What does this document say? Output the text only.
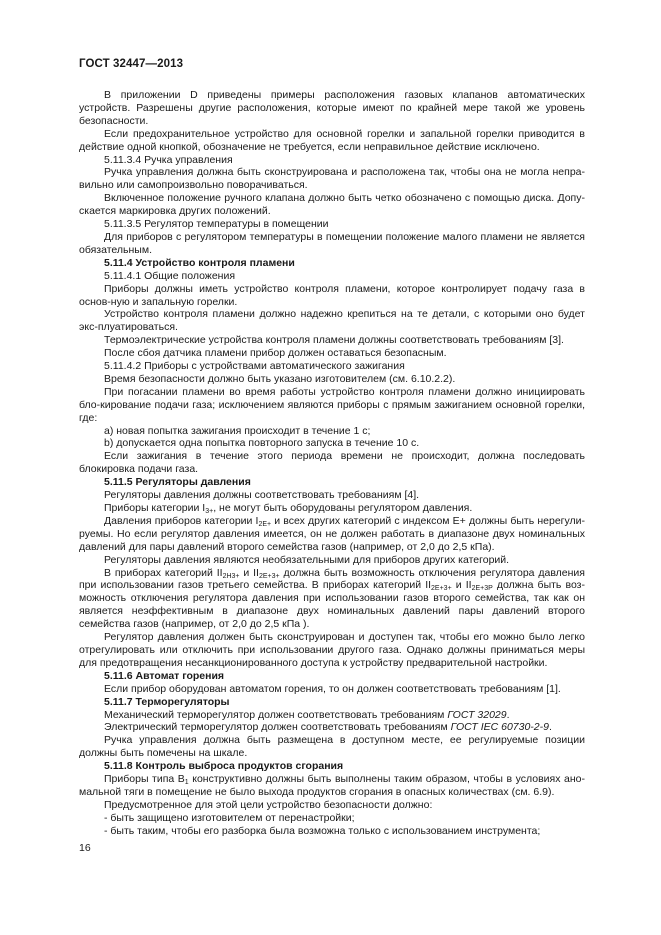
ГОСТ 32447—2013

В приложении D приведены примеры расположения газовых клапанов автоматических устройств. Разрешены другие расположения, которые имеют по крайней мере такой же уровень безопасности.

Если предохранительное устройство для основной горелки и запальной горелки приводится в действие одной кнопкой, обозначение не требуется, если неправильное действие исключено.

5.11.3.4 Ручка управления

Ручка управления должна быть сконструирована и расположена так, чтобы она не могла непра-вильно или самопроизвольно поворачиваться.

Включенное положение ручного клапана должно быть четко обозначено с помощью диска. Допу-скается маркировка других положений.

5.11.3.5 Регулятор температуры в помещении

Для приборов с регулятором температуры в помещении положение малого пламени не является обязательным.

5.11.4 Устройство контроля пламени

5.11.4.1 Общие положения

Приборы должны иметь устройство контроля пламени, которое контролирует подачу газа в основ-ную и запальную горелки.

Устройство контроля пламени должно надежно крепиться на те детали, с которыми оно будет экс-плуатироваться.

Термоэлектрические устройства контроля пламени должны соответствовать требованиям [3].

После сбоя датчика пламени прибор должен оставаться безопасным.

5.11.4.2 Приборы с устройствами автоматического зажигания

Время безопасности должно быть указано изготовителем (см. 6.10.2.2).

При погасании пламени во время работы устройство контроля пламени должно инициировать бло-кирование подачи газа; исключением являются приборы с прямым зажиганием основной горелки, где:

a) новая попытка зажигания происходит в течение 1 с;

b) допускается одна попытка повторного запуска в течение 10 с.

Если зажигания в течение этого периода времени не происходит, должна последовать блокировка подачи газа.

5.11.5 Регуляторы давления

Регуляторы давления должны соответствовать требованиям [4].

Приборы категории $I_{3+}$, не могут быть оборудованы регулятором давления.

Давления приборов категории $I_{2E+}$ и всех других категорий с индексом E+ должны быть нерегули-руемы. Но если регулятор давления имеется, он не должен работать в диапазоне двух номинальных давлений для пары давлений второго семейства газов (например, от 2,0 до 2,5 кПа).

Регуляторы давления являются необязательными для приборов других категорий.

В приборах категорий $II_{2H3+}$ и $II_{2E+3+}$ должна быть возможность отключения регулятора давления при использовании газов третьего семейства. В приборах категорий $II_{2E+3+}$ и $II_{2E+3P}$ должна быть воз-можность отключения регулятора давления при использовании газов второго семейства, так как он является неэффективным в диапазоне двух номинальных давлений пары давлений второго семейства газов (например, от 2,0 до 2,5 кПа ).

Регулятор давления должен быть сконструирован и доступен так, чтобы его можно было легко отрегулировать или отключить при использовании другого газа. Однако должны приниматься меры для предотвращения несанкционированного доступа к устройству предварительной настройки.

5.11.6 Автомат горения

Если прибор оборудован автоматом горения, то он должен соответствовать требованиям [1].

5.11.7 Терморегуляторы

Механический терморегулятор должен соответствовать требованиям ГОСТ 32029.

Электрический терморегулятор должен соответствовать требованиям ГОСТ IEC 60730-2-9.

Ручка управления должна быть размещена в доступном месте, ее регулируемые позиции должны быть помечены на шкале.

5.11.8 Контроль выброса продуктов сгорания

Приборы типа $B_1$ конструктивно должны быть выполнены таким образом, чтобы в условиях ано-мальной тяги в помещение не было выхода продуктов сгорания в опасных количествах (см. 6.9).

Предусмотренное для этой цели устройство безопасности должно:

- быть защищено изготовителем от перенастройки;

- быть таким, чтобы его разборка была возможна только с использованием инструмента;

16
